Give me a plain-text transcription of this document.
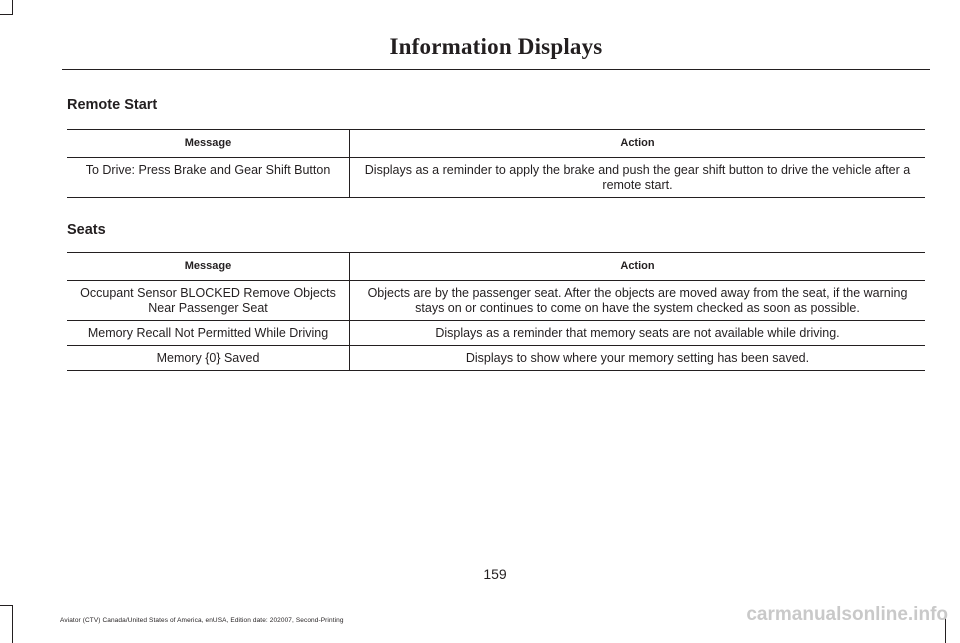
Information Displays
Remote Start
Message	Action
To Drive: Press Brake and Gear Shift Button	Displays as a reminder to apply the brake and push the gear shift button to drive the vehicle after a remote start.
Seats
Message	Action
Occupant Sensor BLOCKED Remove Objects Near Passenger Seat	Objects are by the passenger seat. After the objects are moved away from the seat, if the warning stays on or continues to come on have the system checked as soon as possible.
Memory Recall Not Permitted While Driving	Displays as a reminder that memory seats are not available while driving.
Memory {0} Saved	Displays to show where your memory setting has been saved.
159
Aviator (CTV) Canada/United States of America, enUSA, Edition date: 202007, Second-Printing	carmanualsonline.info
